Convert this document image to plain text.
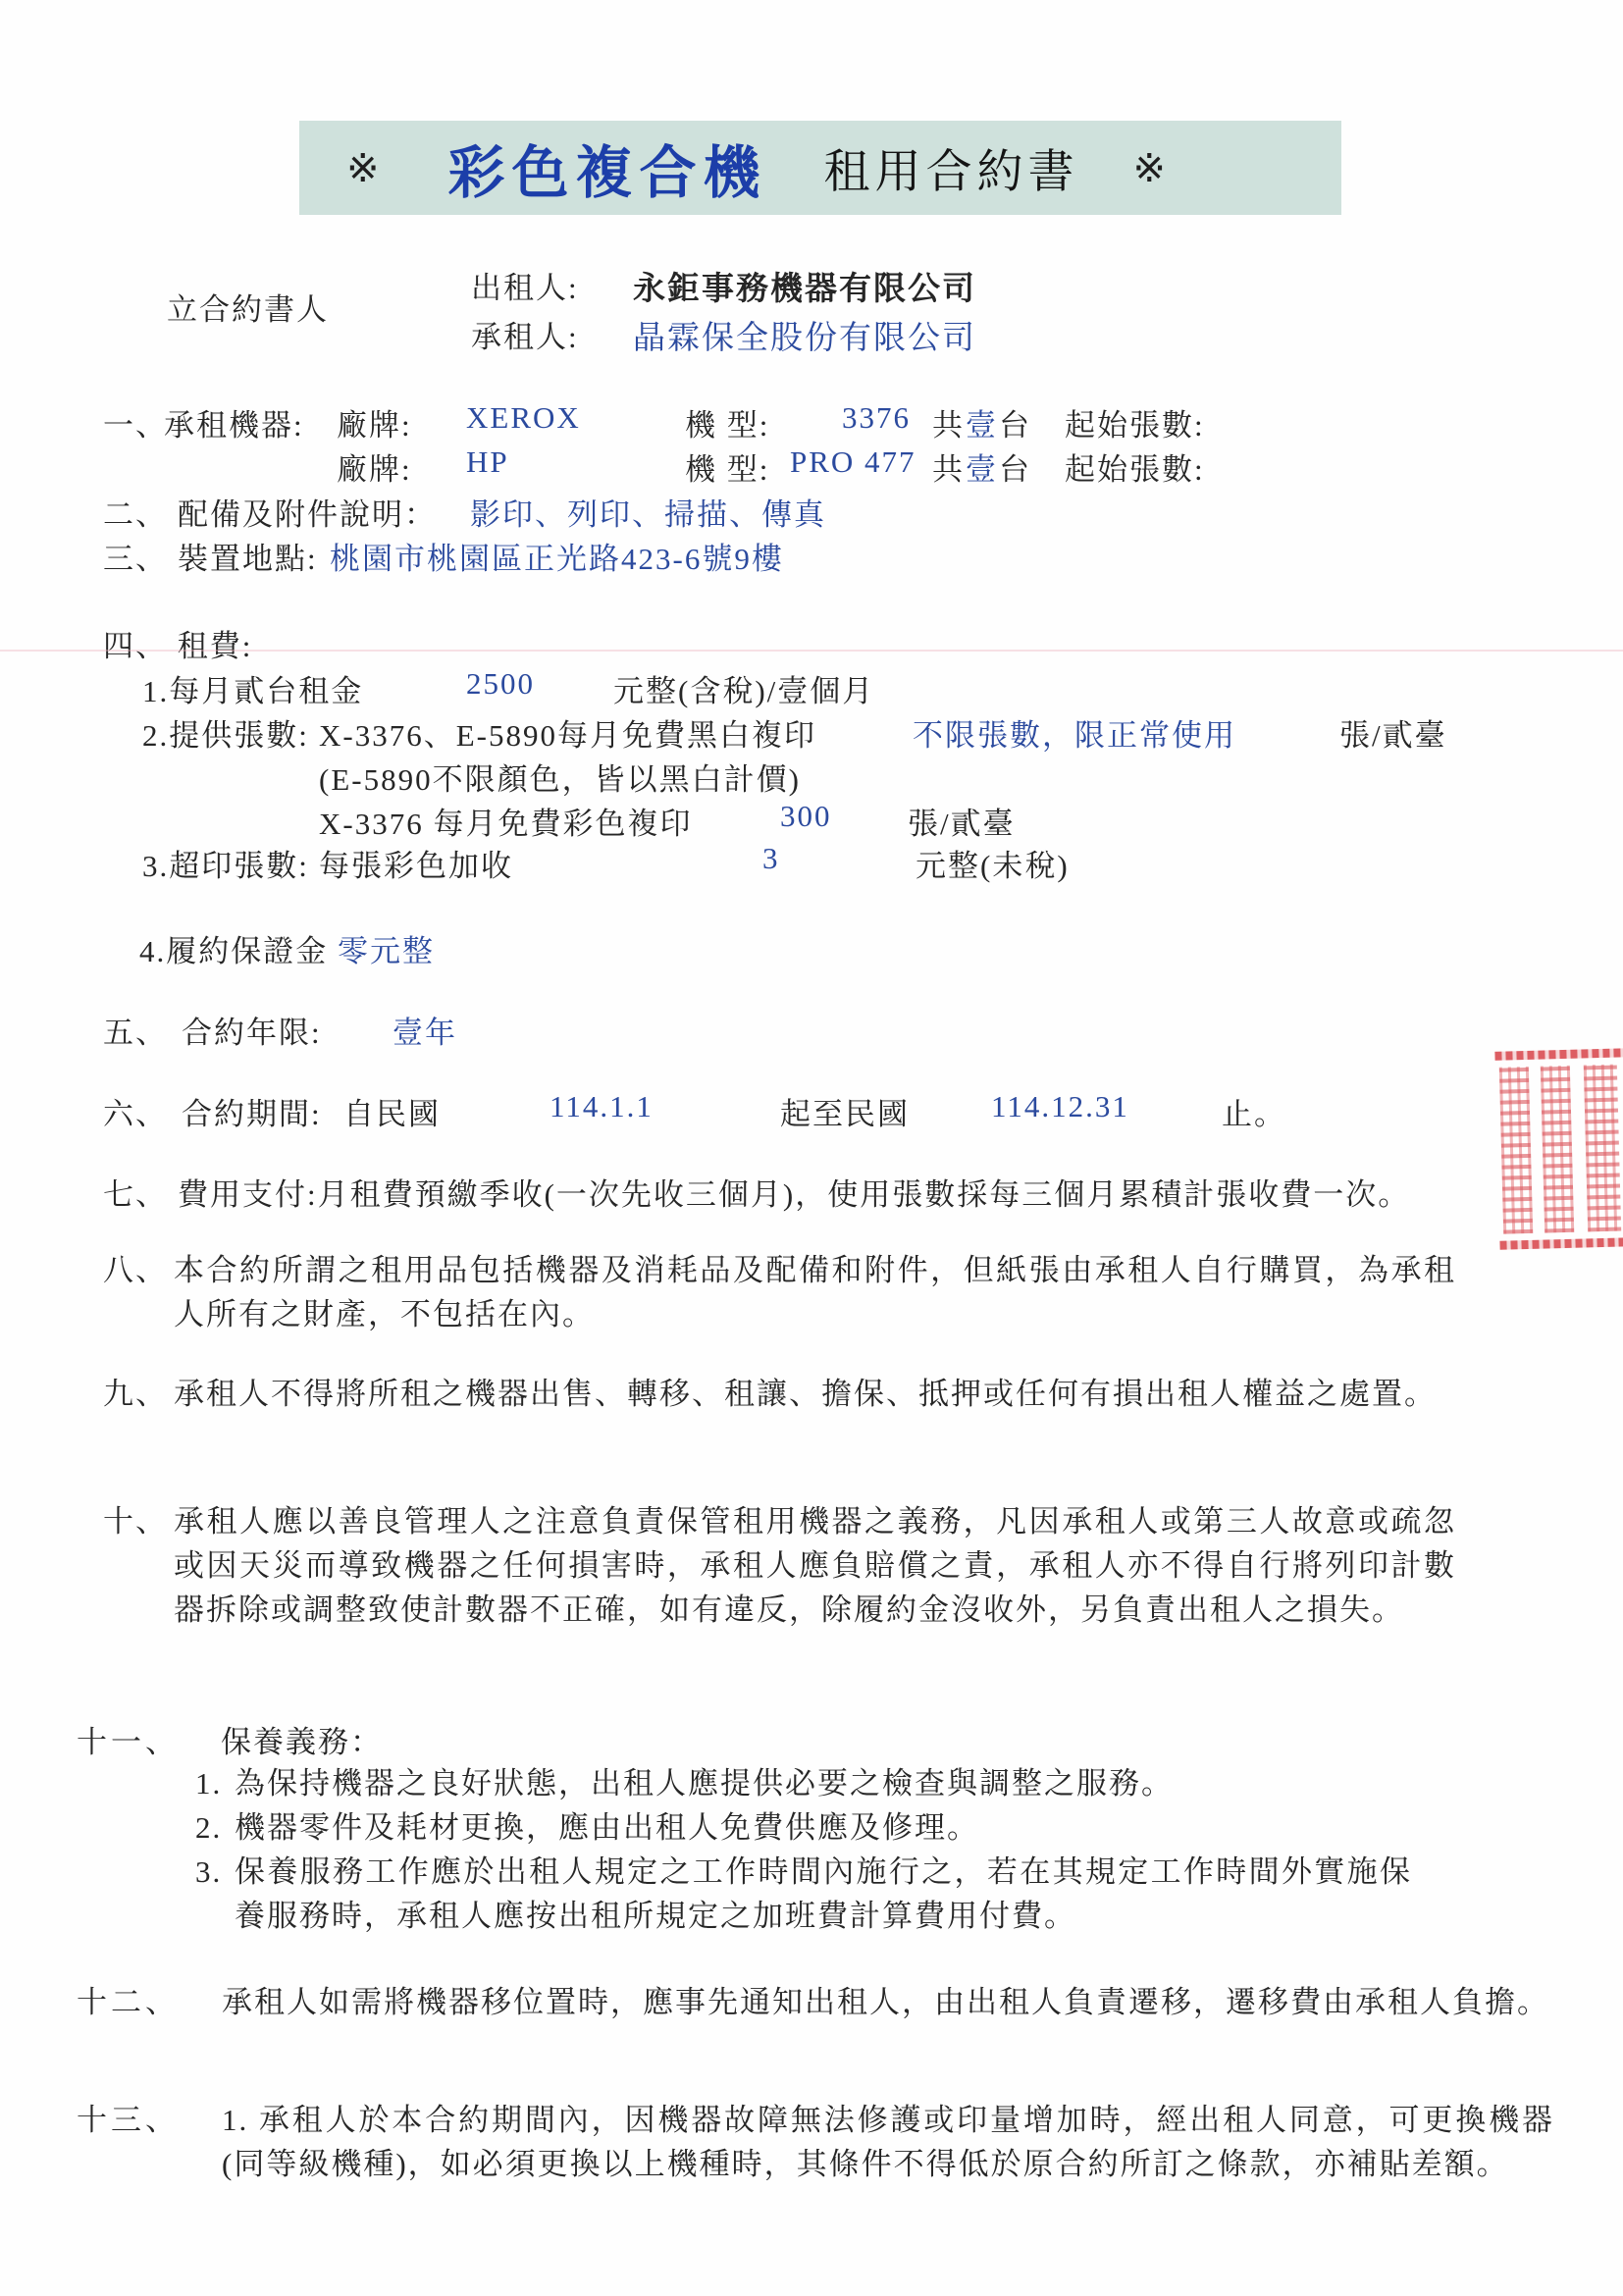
※ 彩色複合機 租用合約書 ※
立合約書人
出租人: 永鉅事務機器有限公司
承租人: 晶霖保全股份有限公司
一、
承租機器: 廠牌: XEROX	機 型: 3376 共 壹 台 起始張數:
廠牌: HP	機 型: PRO 477 共 壹 台 起始張數:
二、 配備及附件說明： 影印、列印、掃描、傳真
三、 裝置地點: 桃園市桃園區正光路423-6號9樓
四、 租費:
1.每月貳台租金	2500	元整(含稅)/壹個月
2.提供張數: X-3376、E-5890每月免費黑白複印	不限張數，限正常使用	張/貳臺
(E-5890不限顏色，皆以黑白計價)
X-3376 每月免費彩色複印	300	張/貳臺
3.超印張數: 每張彩色加收	3	元整(未稅)
4.履約保證金 零元整
五、 合約年限: 壹年
六、 合約期間: 自民國	114.1.1	起至民國	114.12.31	止。
七、 費用支付:月租費預繳季收(一次先收三個月)，使用張數採每三個月累積計張收費一次。
八、 本合約所謂之租用品包括機器及消耗品及配備和附件，但紙張由承租人自行購買，為承租人所有之財產，不包括在內。
九、 承租人不得將所租之機器出售、轉移、租讓、擔保、抵押或任何有損出租人權益之處置。
十、 承租人應以善良管理人之注意負責保管租用機器之義務，凡因承租人或第三人故意或疏忽或因天災而導致機器之任何損害時，承租人應負賠償之責，承租人亦不得自行將列印計數器拆除或調整致使計數器不正確，如有違反，除履約金沒收外，另負責出租人之損失。
十一、 保養義務：
1. 為保持機器之良好狀態，出租人應提供必要之檢查與調整之服務。
2. 機器零件及耗材更換，應由出租人免費供應及修理。
3. 保養服務工作應於出租人規定之工作時間內施行之，若在其規定工作時間外實施保養服務時，承租人應按出租所規定之加班費計算費用付費。
十二、 承租人如需將機器移位置時，應事先通知出租人，由出租人負責遷移，遷移費由承租人負擔。
十三、 1. 承租人於本合約期間內，因機器故障無法修護或印量增加時，經出租人同意，可更換機器(同等級機種)，如必須更換以上機種時，其條件不得低於原合約所訂之條款，亦補貼差額。
